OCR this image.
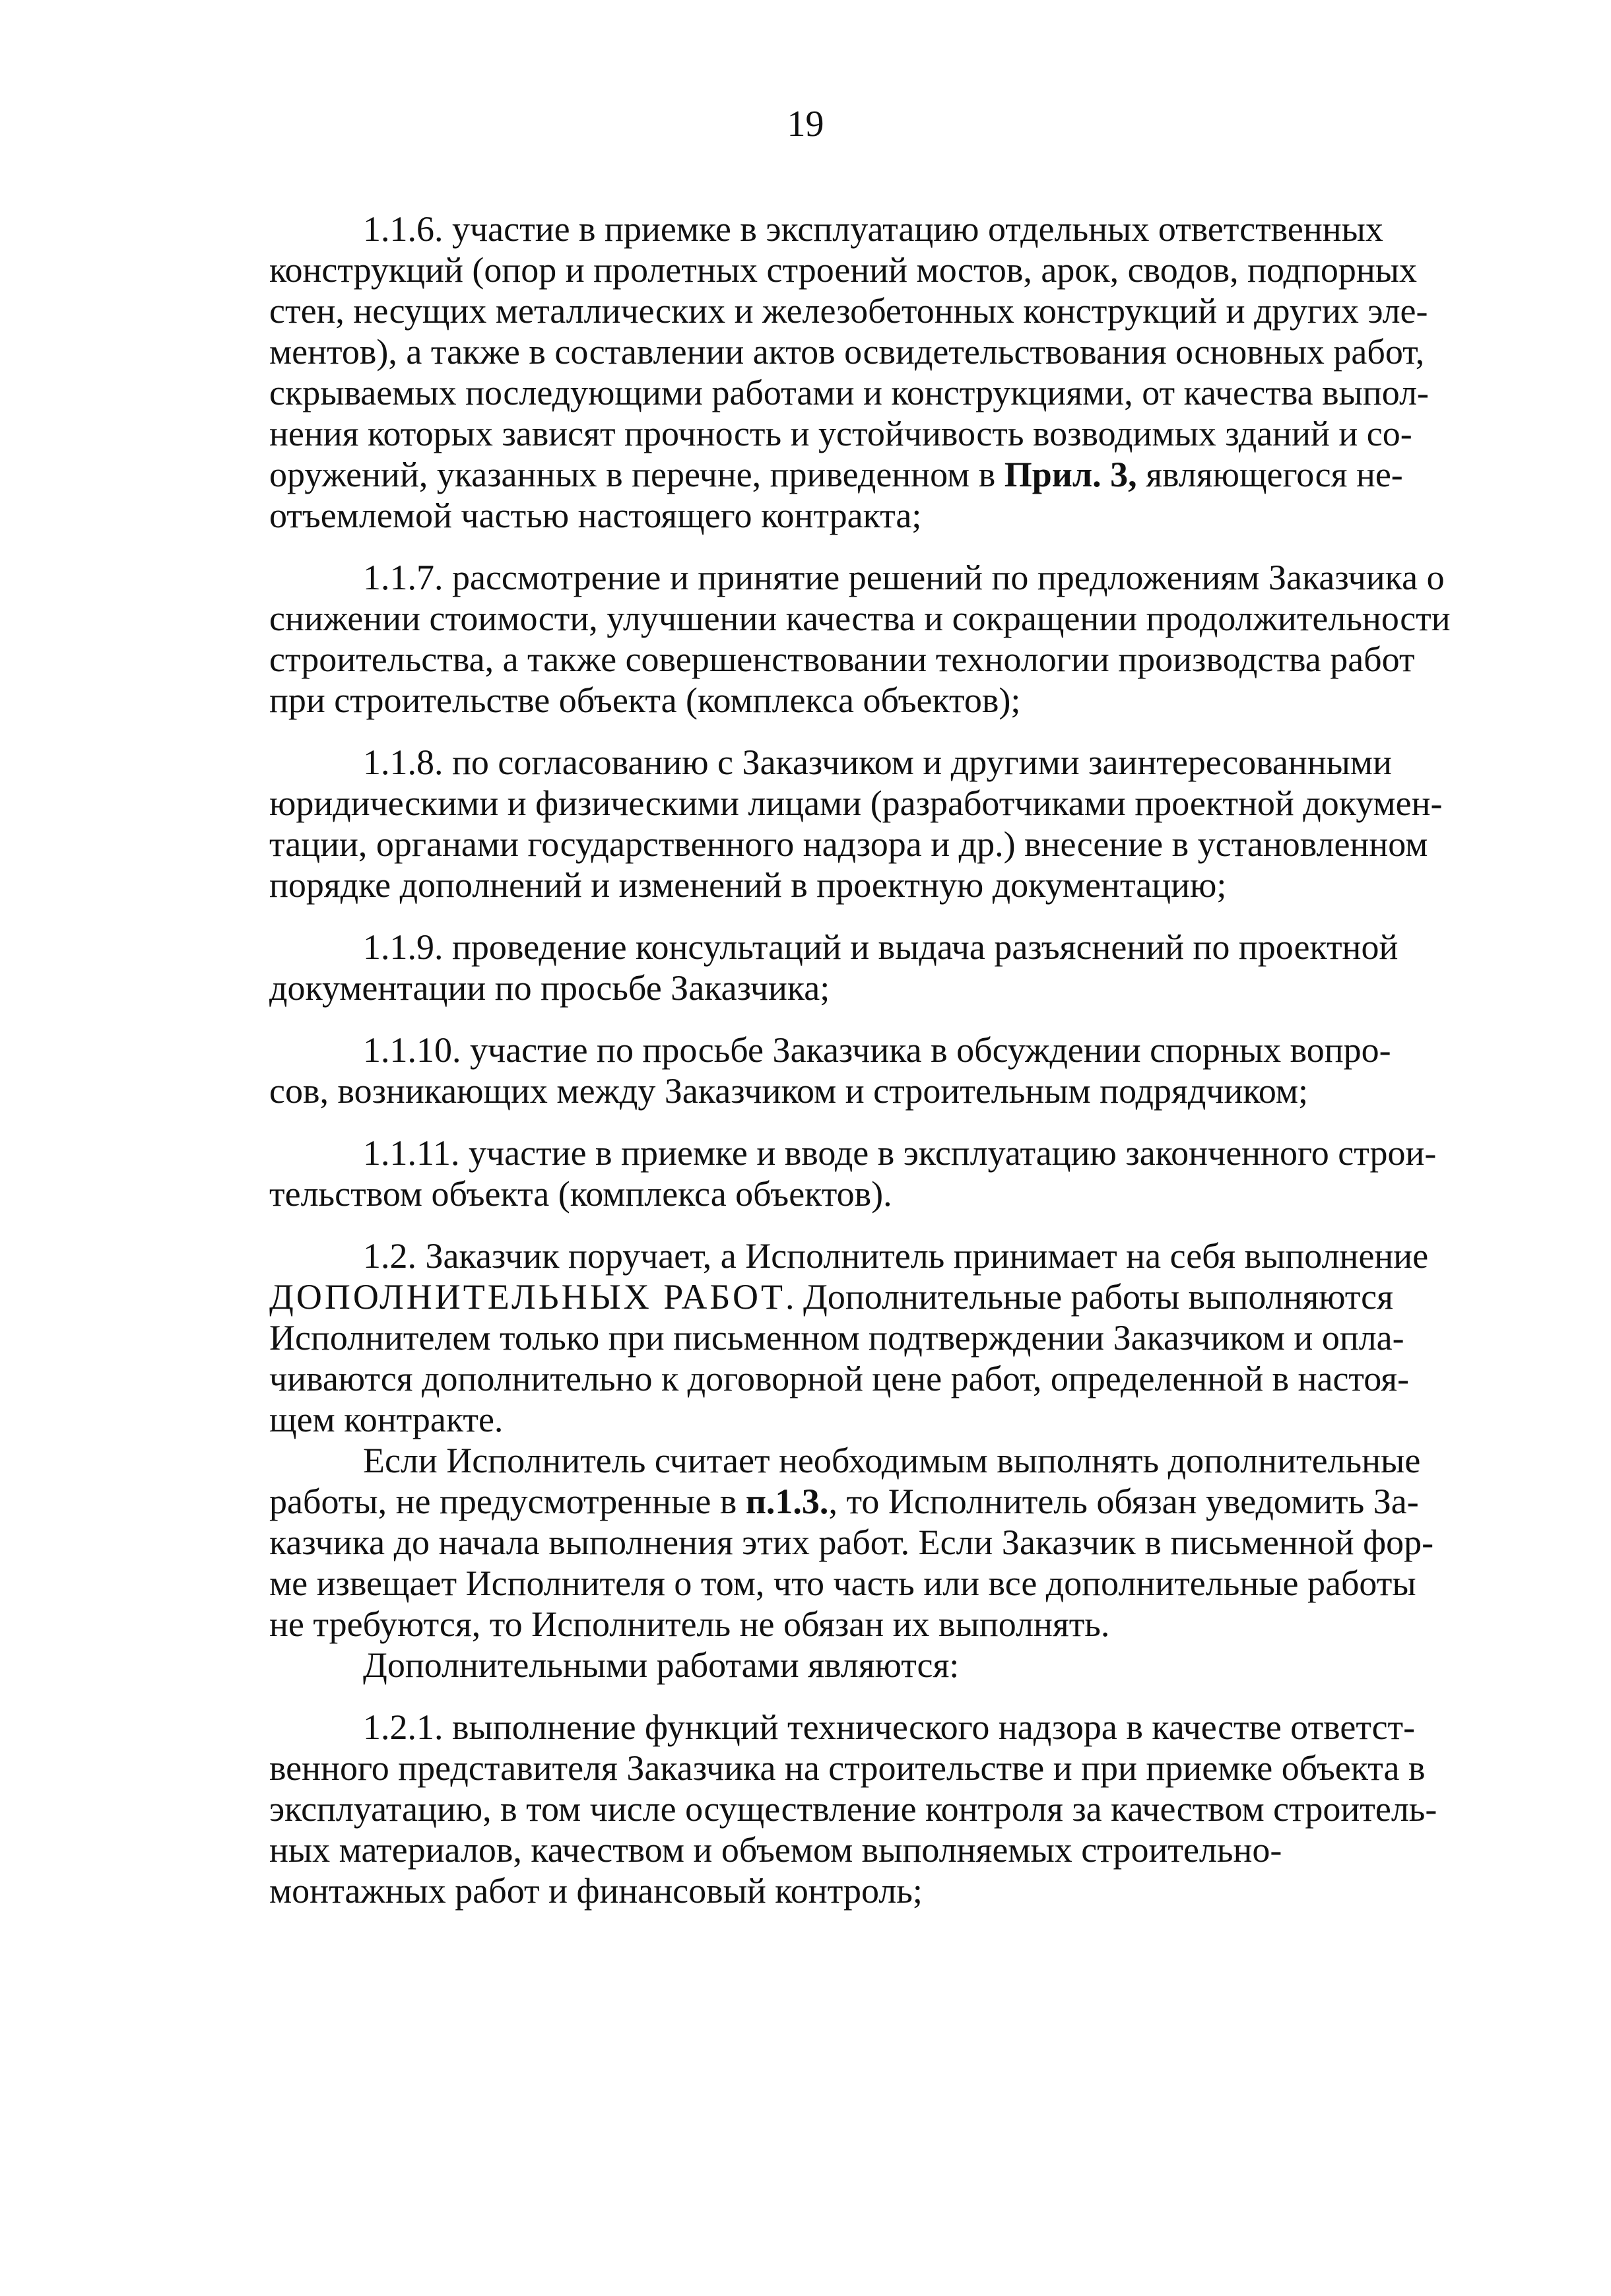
19

1.1.6. участие в приемке в эксплуатацию отдельных ответственных
конструкций (опор и пролетных строений мостов, арок, сводов, подпорных
стен, несущих металлических и железобетонных конструкций и других эле-
ментов), а также в составлении актов освидетельствования основных работ,
скрываемых последующими работами и конструкциями, от качества выпол-
нения которых зависят прочность и устойчивость возводимых зданий и со-
оружений, указанных в перечне, приведенном в Прил. 3, являющегося не-
отъемлемой частью настоящего контракта;

1.1.7. рассмотрение и принятие решений по предложениям Заказчика о
снижении стоимости, улучшении качества и сокращении продолжительности
строительства, а также совершенствовании технологии производства работ
при строительстве объекта (комплекса объектов);

1.1.8. по согласованию с Заказчиком и другими заинтересованными
юридическими и физическими лицами (разработчиками проектной докумен-
тации, органами государственного надзора и др.) внесение в установленном
порядке дополнений и изменений в проектную документацию;

1.1.9. проведение консультаций и выдача разъяснений по проектной
документации по просьбе Заказчика;

1.1.10. участие по просьбе Заказчика в обсуждении спорных вопро-
сов, возникающих между Заказчиком и строительным подрядчиком;

1.1.11. участие в приемке и вводе в эксплуатацию законченного строи-
тельством объекта (комплекса объектов).

1.2. Заказчик поручает, а Исполнитель принимает на себя выполнение
ДОПОЛНИТЕЛЬНЫХ РАБОТ. Дополнительные работы выполняются
Исполнителем только при письменном подтверждении Заказчиком и опла-
чиваются дополнительно к договорной цене работ, определенной в настоя-
щем контракте.

Если Исполнитель считает необходимым выполнять дополнительные
работы, не предусмотренные в п.1.3., то Исполнитель обязан уведомить За-
казчика до начала выполнения этих работ. Если Заказчик в письменной фор-
ме извещает Исполнителя о том, что часть или все дополнительные работы
не требуются, то Исполнитель не обязан их выполнять.

Дополнительными работами являются:

1.2.1. выполнение функций технического надзора в качестве ответст-
венного представителя Заказчика на строительстве и при приемке объекта в
эксплуатацию, в том числе осуществление контроля за качеством строитель-
ных материалов, качеством и объемом выполняемых строительно-
монтажных работ и финансовый контроль;
